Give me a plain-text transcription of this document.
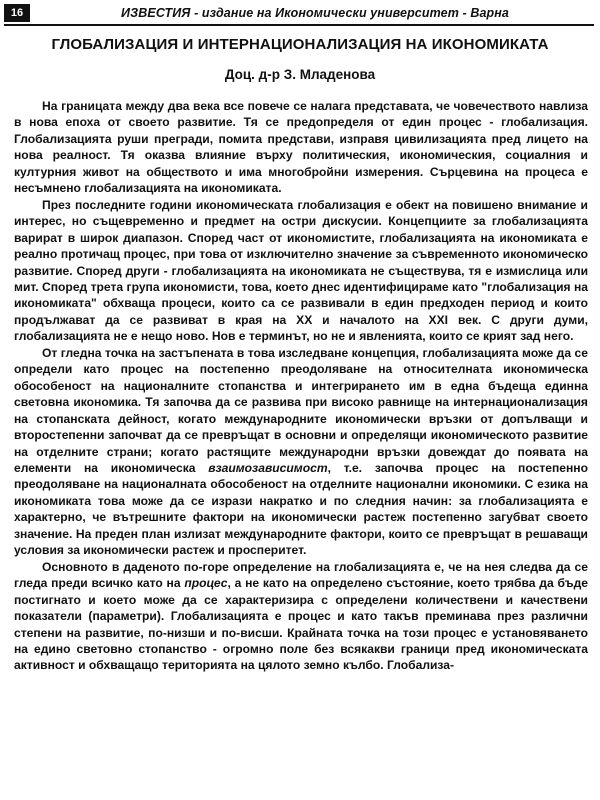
16	ИЗВЕСТИЯ - издание на Икономически университет - Варна
ГЛОБАЛИЗАЦИЯ И ИНТЕРНАЦИОНАЛИЗАЦИЯ НА ИКОНОМИКАТА
Доц. д-р З. Младенова

На границата между два века все повече се налага представата, че човечеството навлиза в нова епоха от своето развитие. Тя се предопределя от един процес - глобализация. Глобализацията руши прегради, помита представи, изправя цивилизацията пред лицето на нова реалност. Тя оказва влияние върху политическия, икономическия, социалния и културния живот на обществото и има многобройни измерения. Сърцевина на процеса е несъмнено глобализацията на икономиката.

През последните години икономическата глобализация е обект на повишено внимание и интерес, но същевременно и предмет на остри дискусии. Концепциите за глобализацията варират в широк диапазон. Според част от икономистите, глобализацията на икономиката е реално протичащ процес, при това от изключително значение за съвременното икономическо развитие. Според други - глобализацията на икономиката не съществува, тя е измислица или мит. Според трета група икономисти, това, което днес идентифицираме като "глобализация на икономиката" обхваща процеси, които са се развивали в един предходен период и които продължават да се развиват в края на XX и началото на XXI век. С други думи, глобализацията не е нещо ново. Нов е терминът, но не и явленията, които се крият зад него.

От гледна точка на застъпената в това изследване концепция, глобализацията може да се определи като процес на постепенно преодоляване на относителната икономическа обособеност на националните стопанства и интегрирането им в една бъдеща единна световна икономика. Тя започва да се развива при високо равнище на интернационализация на стопанската дейност, когато международните икономически връзки от допълващи и второстепенни започват да се превръщат в основни и определящи икономическото развитие на отделните страни; когато растящите международни връзки довеждат до появата на елементи на икономическа взаимозависимост, т.е. започва процес на постепенно преодоляване на националната обособеност на отделните национални икономики. С езика на икономиката това може да се изрази накратко и по следния начин: за глобализацията е характерно, че вътрешните фактори на икономически растеж постепенно загубват своето значение. На преден план излизат международните фактори, които се превръщат в решаващи условия за икономически растеж и просперитет.

Основното в даденото по-горе определение на глобализацията е, че на нея следва да се гледа преди всичко като на процес, а не като на определено състояние, което трябва да бъде постигнато и което може да се характеризира с определени количествени и качествени показатели (параметри). Глобализацията е процес и като такъв преминава през различни степени на развитие, по-низши и по-висши. Крайната точка на този процес е установяването на едино световно стопанство - огромно поле без всякакви граници пред икономическата активност и обхващащо територията на цялото земно кълбо. Глобализа-
